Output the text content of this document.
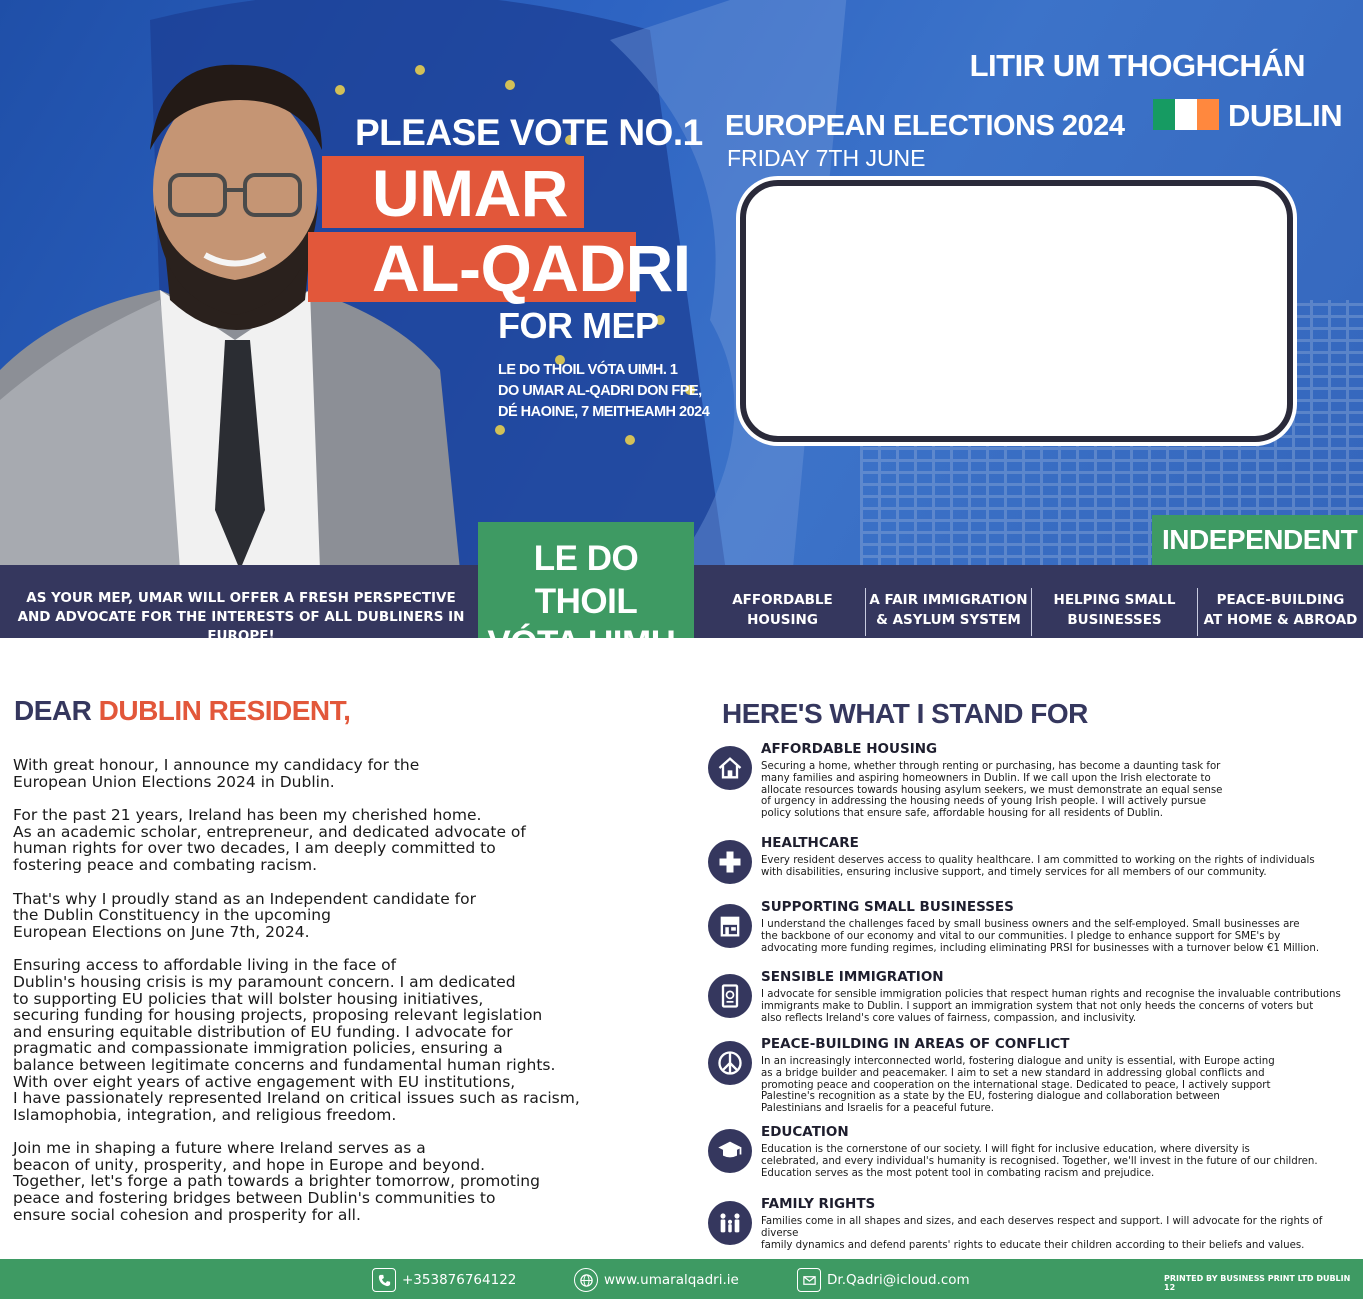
PLEASE VOTE NO.1
UMAR
AL-QADRI
FOR MEP
LE DO THOIL VÓTA UIMH. 1
DO UMAR AL-QADRI DON FPE,
DÉ HAOINE, 7 MEITHEAMH 2024
LITIR UM THOGHCHÁN
DUBLIN
EUROPEAN ELECTIONS 2024
FRIDAY 7TH JUNE
INDEPENDENT
AS YOUR MEP, UMAR WILL OFFER A FRESH PERSPECTIVE AND ADVOCATE FOR THE INTERESTS OF ALL DUBLINERS IN EUROPE!
LE DO THOIL
VÓTA UIMH. 1
AFFORDABLE
HOUSING
A FAIR IMMIGRATION
& ASYLUM SYSTEM
HELPING SMALL
BUSINESSES
PEACE-BUILDING
AT HOME & ABROAD
DEAR DUBLIN RESIDENT,

With great honour, I announce my candidacy for the
European Union Elections 2024 in Dublin.

For the past 21 years, Ireland has been my cherished home.
As an academic scholar, entrepreneur, and dedicated advocate of
human rights for over two decades, I am deeply committed to
fostering peace and combating racism.

That's why I proudly stand as an Independent candidate for
the Dublin Constituency in the upcoming
European Elections on June 7th, 2024.

Ensuring access to affordable living in the face of
Dublin's housing crisis is my paramount concern. I am dedicated
to supporting EU policies that will bolster housing initiatives,
securing funding for housing projects, proposing relevant legislation
and ensuring equitable distribution of EU funding. I advocate for
pragmatic and compassionate immigration policies, ensuring a
balance between legitimate concerns and fundamental human rights.
With over eight years of active engagement with EU institutions,
I have passionately represented Ireland on critical issues such as racism,
Islamophobia, integration, and religious freedom.

Join me in shaping a future where Ireland serves as a
beacon of unity, prosperity, and hope in Europe and beyond.
Together, let's forge a path towards a brighter tomorrow, promoting
peace and fostering bridges between Dublin's communities to
ensure social cohesion and prosperity for all.

HERE'S WHAT I STAND FOR
AFFORDABLE HOUSING
Securing a home, whether through renting or purchasing, has become a daunting task for
many families and aspiring homeowners in Dublin. If we call upon the Irish electorate to
allocate resources towards housing asylum seekers, we must demonstrate an equal sense
of urgency in addressing the housing needs of young Irish people. I will actively pursue
policy solutions that ensure safe, affordable housing for all residents of Dublin.
HEALTHCARE
Every resident deserves access to quality healthcare. I am committed to working on the rights of individuals
with disabilities, ensuring inclusive support, and timely services for all members of our community.
SUPPORTING SMALL BUSINESSES
I understand the challenges faced by small business owners and the self-employed. Small businesses are
the backbone of our economy and vital to our communities. I pledge to enhance support for SME's by
advocating more funding regimes, including eliminating PRSI for businesses with a turnover below €1 Million.
SENSIBLE IMMIGRATION
I advocate for sensible immigration policies that respect human rights and recognise the invaluable contributions
immigrants make to Dublin. I support an immigration system that not only heeds the concerns of voters but
also reflects Ireland's core values of fairness, compassion, and inclusivity.
PEACE-BUILDING IN AREAS OF CONFLICT
In an increasingly interconnected world, fostering dialogue and unity is essential, with Europe acting
as a bridge builder and peacemaker. I aim to set a new standard in addressing global conflicts and
promoting peace and cooperation on the international stage. Dedicated to peace, I actively support
Palestine's recognition as a state by the EU, fostering dialogue and collaboration between
Palestinians and Israelis for a peaceful future.
EDUCATION
Education is the cornerstone of our society. I will fight for inclusive education, where diversity is
celebrated, and every individual's humanity is recognised. Together, we'll invest in the future of our children.
Education serves as the most potent tool in combating racism and prejudice.
FAMILY RIGHTS
Families come in all shapes and sizes, and each deserves respect and support. I will advocate for the rights of diverse
family dynamics and defend parents' rights to educate their children according to their beliefs and values.
+353876764122	www.umaralqadri.ie	Dr.Qadri@icloud.com	PRINTED BY BUSINESS PRINT LTD DUBLIN 12
